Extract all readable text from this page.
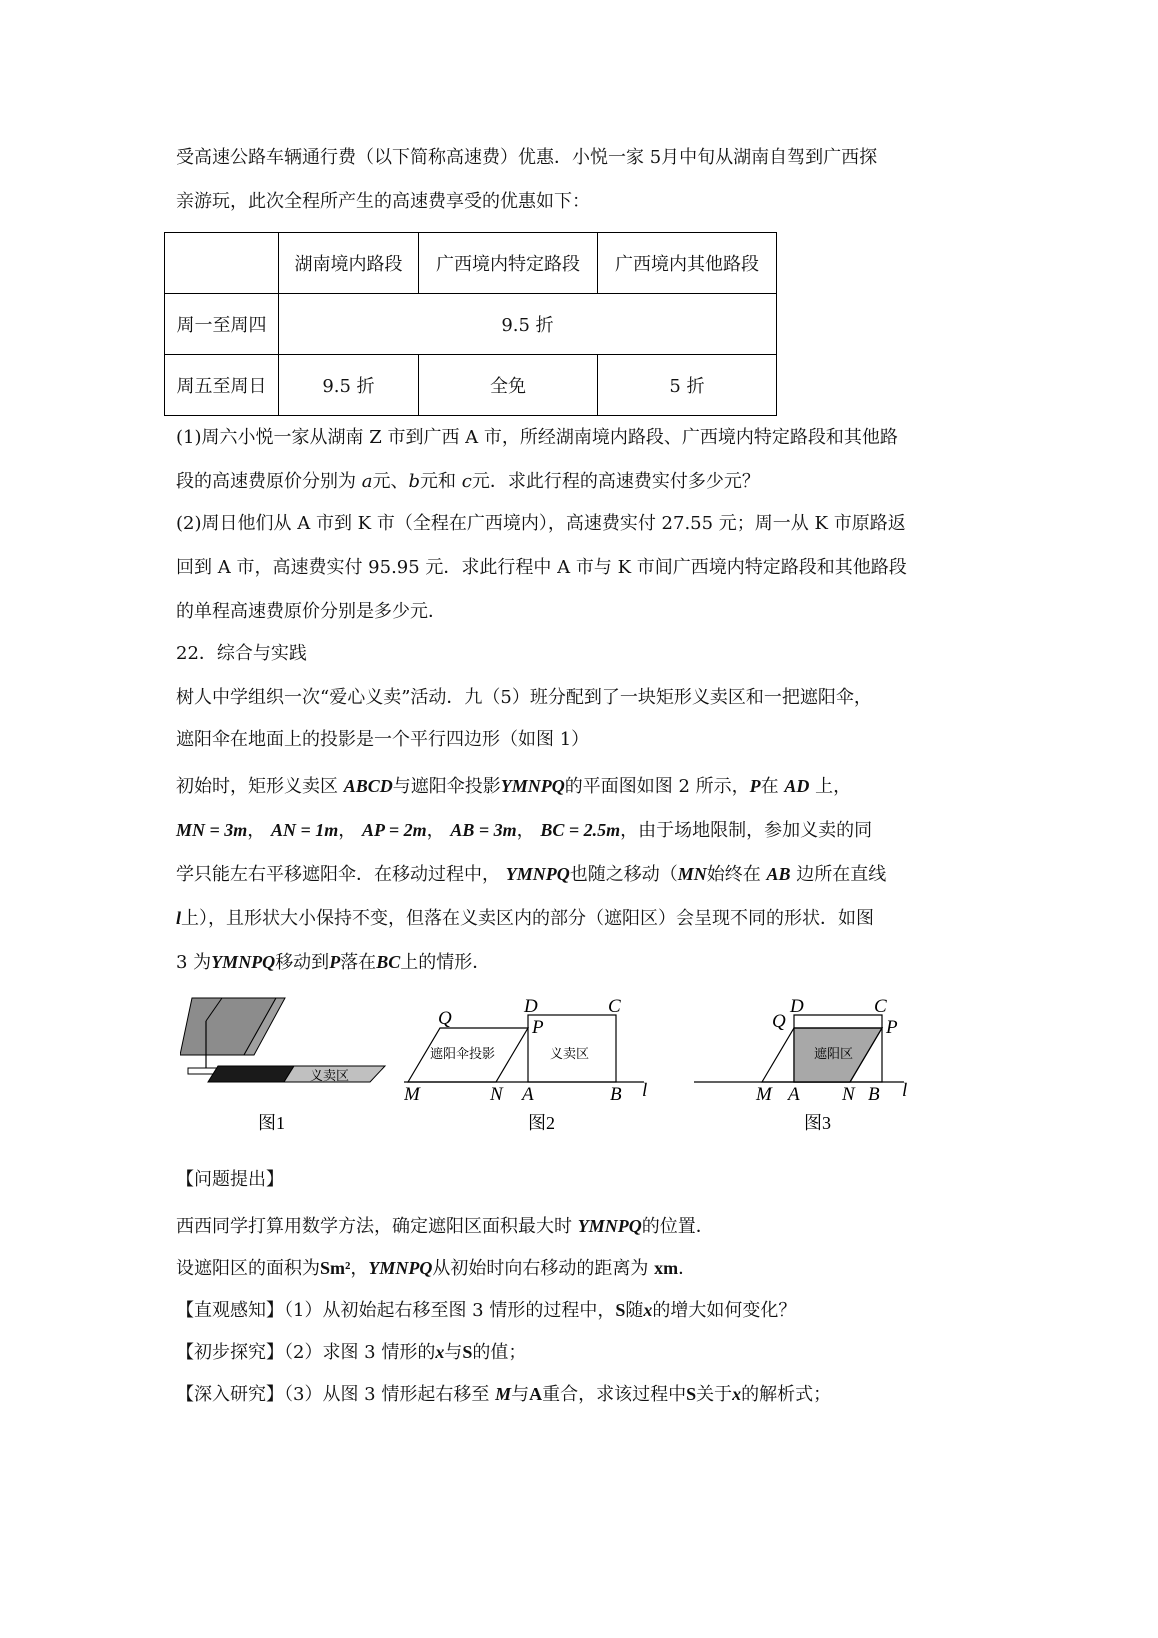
受高速公路车辆通行费（以下简称高速费）优惠．小悦一家 5月中旬从湖南自驾到广西探
亲游玩，此次全程所产生的高速费享受的优惠如下：
	湖南境内路段	广西境内特定路段	广西境内其他路段
周一至周四	9.5 折		
周五至周日	9.5 折	全免	5 折
(1)周六小悦一家从湖南 Z 市到广西 A 市，所经湖南境内路段、广西境内特定路段和其他路
段的高速费原价分别为 a元、b元和 c元．求此行程的高速费实付多少元？
(2)周日他们从 A 市到 K 市（全程在广西境内），高速费实付 27.55 元；周一从 K 市原路返
回到 A 市，高速费实付 95.95 元．求此行程中 A 市与 K 市间广西境内特定路段和其他路段
的单程高速费原价分别是多少元．
22．综合与实践
树人中学组织一次“爱心义卖”活动．九（5）班分配到了一块矩形义卖区和一把遮阳伞，
遮阳伞在地面上的投影是一个平行四边形（如图 1）
初始时，矩形义卖区 ABCD与遮阳伞投影YMNPQ的平面图如图 2 所示，P在 AD 上，
MN = 3m， AN = 1m， AP = 2m， AB = 3m， BC = 2.5m，由于场地限制，参加义卖的同
学只能左右平移遮阳伞．在移动过程中， YMNPQ也随之移动（MN始终在 AB 边所在直线
l上），且形状大小保持不变，但落在义卖区内的部分（遮阳区）会呈现不同的形状．如图
3 为YMNPQ移动到P落在BC上的情形．
义卖区
图1
遮阳伞投影	义卖区
Q
D	C
P
M	N A	B l
图2
遮阳区
Q
D	C
P
M A N B l
图3
【问题提出】
西西同学打算用数学方法，确定遮阳区面积最大时 YMNPQ的位置．
设遮阳区的面积为Sm²，YMNPQ从初始时向右移动的距离为 xm．
【直观感知】（1）从初始起右移至图 3 情形的过程中，S随x的增大如何变化？
【初步探究】（2）求图 3 情形的x与S的值；
【深入研究】（3）从图 3 情形起右移至 M与A重合，求该过程中S关于x的解析式；
